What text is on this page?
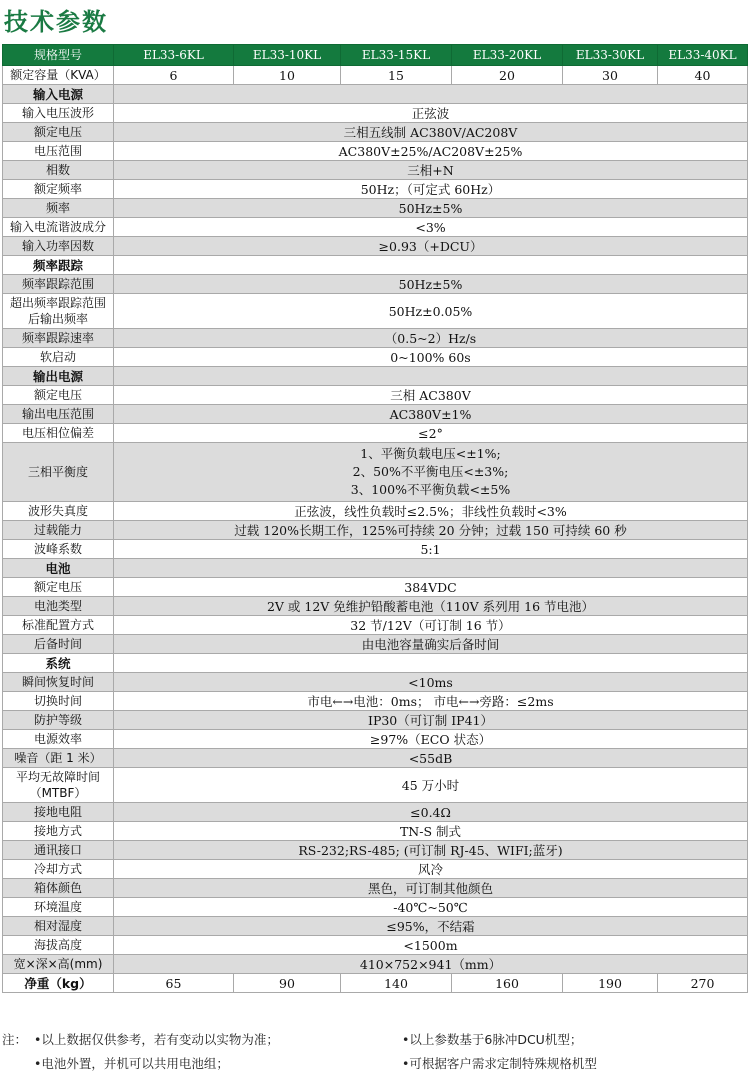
技术参数
规格型号	EL33-6KL	EL33-10KL	EL33-15KL	EL33-20KL	EL33-30KL	EL33-40KL
额定容量（KVA）	6	10	15	20	30	40
输入电源						
输入电压波形	正弦波					
额定电压	三相五线制 AC380V/AC208V					
电压范围	AC380V±25%/AC208V±25%					
相数	三相+N					
额定频率	50Hz；（可定式 60Hz）					
频率	50Hz±5%					
输入电流谐波成分	<3%					
输入功率因数	≥0.93（+DCU）					
频率跟踪						
频率跟踪范围	50Hz±5%					
超出频率跟踪范围后输出频率	50Hz±0.05%					
频率跟踪速率	（0.5~2）Hz/s					
软启动	0~100% 60s					
输出电源						
额定电压	三相 AC380V					
输出电压范围	AC380V±1%					
电压相位偏差	≤2°					
三相平衡度	1、平衡负载电压<±1%;
2、50%不平衡电压<±3%;
3、100%不平衡负载<±5%					

波形失真度	正弦波，线性负载时≤2.5%；非线性负载时<3%					
过载能力	过载 120%长期工作，125%可持续 20 分钟；过载 150 可持续 60 秒					
波峰系数	5:1					
电池						
额定电压	384VDC					
电池类型	2V 或 12V 免维护铅酸蓄电池（110V 系列用 16 节电池）					
标准配置方式	32 节/12V（可订制 16 节）					
后备时间	由电池容量确实后备时间					
系统						
瞬间恢复时间	<10ms					
切换时间	市电←→电池：0ms； 市电←→旁路：≤2ms					
防护等级	IP30（可订制 IP41）					
电源效率	≥97%（ECO 状态）					
噪音（距 1 米）	<55dB					

平均无故障时间
（MTBF）	45 万小时					
接地电阻	≤0.4Ω					
接地方式	TN-S 制式					
通讯接口	RS-232;RS-485; (可订制 RJ-45、WIFI;蓝牙)					
冷却方式	风冷					
箱体颜色	黑色，可订制其他颜色					
环境温度	-40℃~50℃					
相对湿度	≤95%，不结霜					
海拔高度	<1500m					
宽×深×高(mm)	410×752×941（mm）					
净重（kg）	65	90	140	160	190	270
注： •以上数据仅供参考，若有变动以实物为准；	•以上参数基于6脉冲DCU机型；
•电池外置，并机可以共用电池组；	•可根据客户需求定制特殊规格机型
